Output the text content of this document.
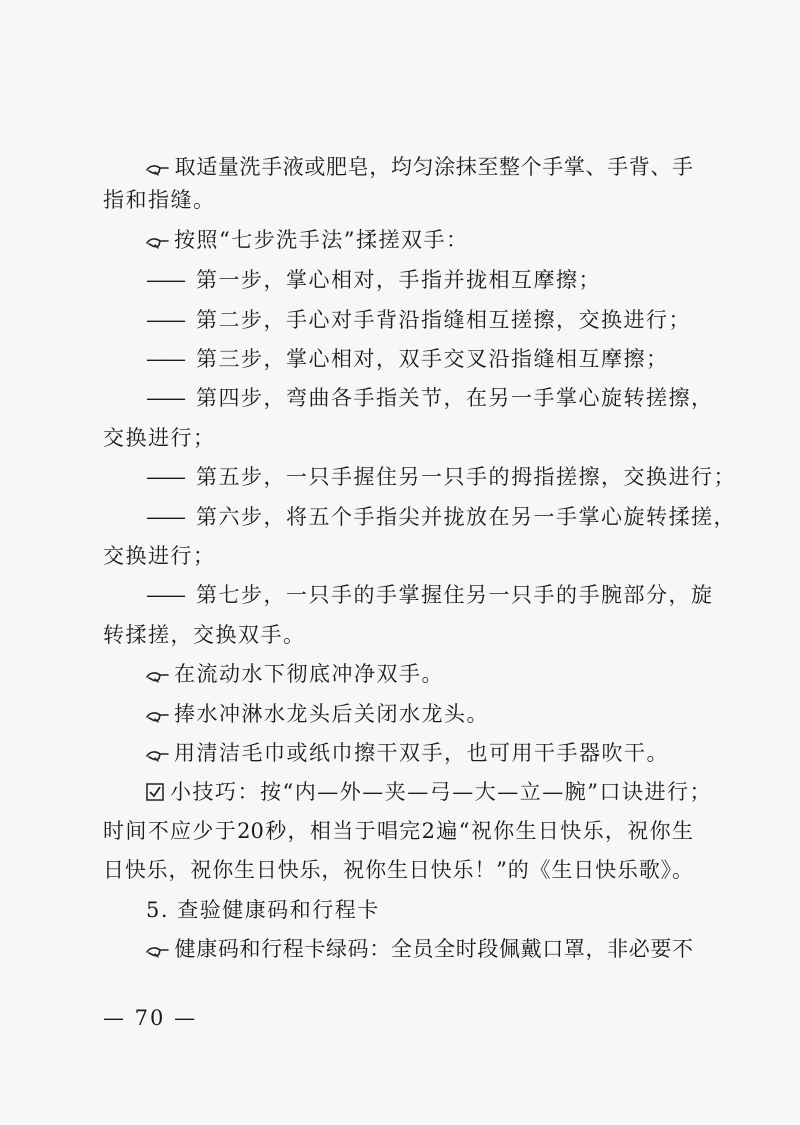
取适量洗手液或肥皂，均匀涂抹至整个手掌、手背、手
指和指缝。
按照“七步洗手法”揉搓双手：
—— 第一步，掌心相对，手指并拢相互摩擦；
—— 第二步，手心对手背沿指缝相互搓擦，交换进行；
—— 第三步，掌心相对，双手交叉沿指缝相互摩擦；
—— 第四步，弯曲各手指关节，在另一手掌心旋转搓擦，
交换进行；
—— 第五步，一只手握住另一只手的拇指搓擦，交换进行；
—— 第六步，将五个手指尖并拢放在另一手掌心旋转揉搓，
交换进行；
—— 第七步，一只手的手掌握住另一只手的手腕部分，旋
转揉搓，交换双手。
在流动水下彻底冲净双手。
捧水冲淋水龙头后关闭水龙头。
用清洁毛巾或纸巾擦干双手，也可用干手器吹干。
小技巧：按“内—外—夹—弓—大—立—腕”口诀进行；
时间不应少于20秒，相当于唱完2遍“祝你生日快乐，祝你生
日快乐，祝你生日快乐，祝你生日快乐！”的《生日快乐歌》。
5. 查验健康码和行程卡
健康码和行程卡绿码：全员全时段佩戴口罩，非必要不
— 70 —
